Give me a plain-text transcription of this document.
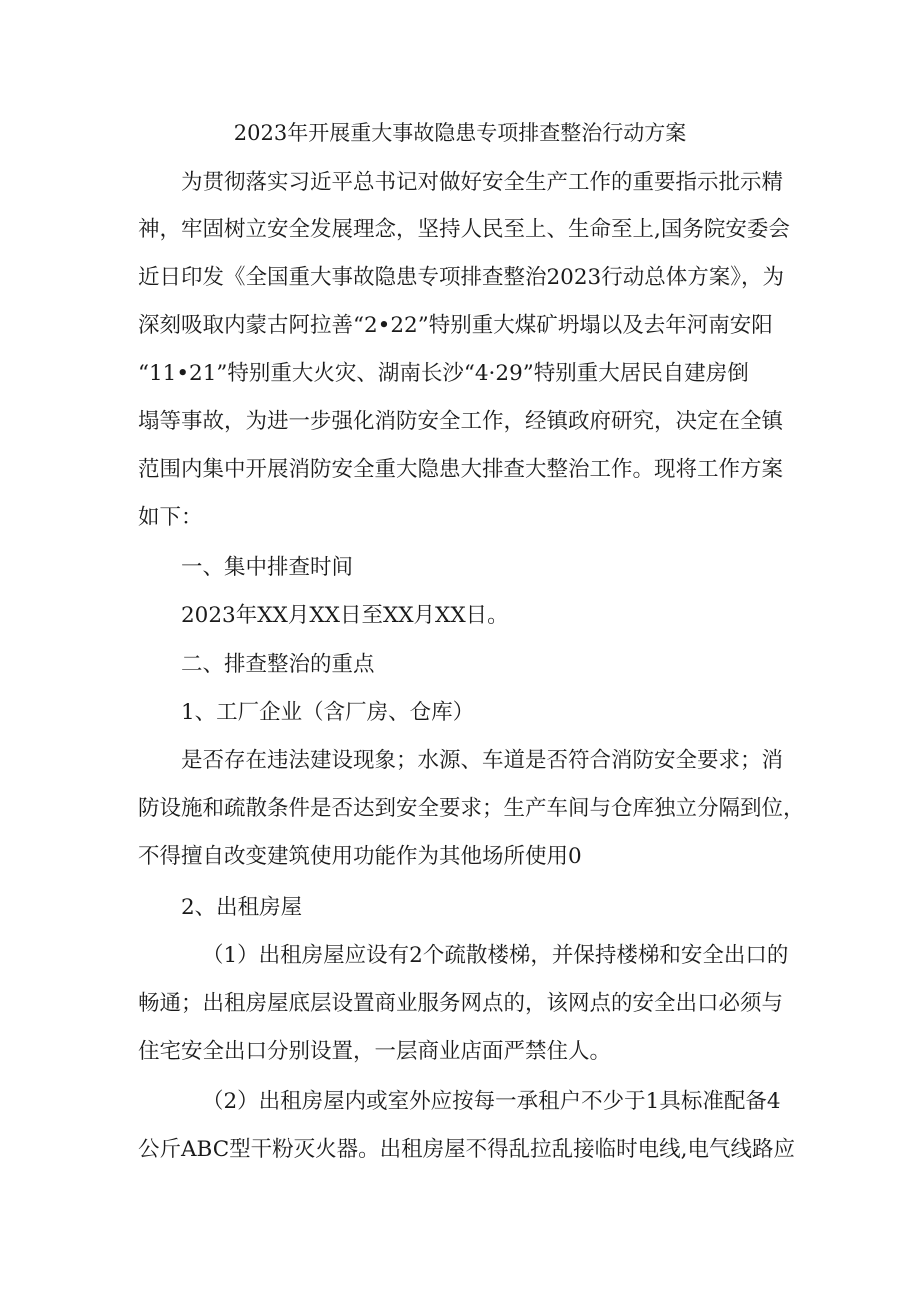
2023年开展重大事故隐患专项排查整治行动方案
为贯彻落实习近平总书记对做好安全生产工作的重要指示批示精
神，牢固树立安全发展理念，坚持人民至上、生命至上,国务院安委会
近日印发《全国重大事故隐患专项排查整治2023行动总体方案》，为
深刻吸取内蒙古阿拉善“2•22”特别重大煤矿坍塌以及去年河南安阳
“11•21”特别重大火灾、湖南长沙“4·29”特别重大居民自建房倒
塌等事故，为进一步强化消防安全工作，经镇政府研究，决定在全镇
范围内集中开展消防安全重大隐患大排查大整治工作。现将工作方案
如下：
一、集中排查时间
2023年XX月XX日至XX月XX日。
二、排查整治的重点
1、工厂企业（含厂房、仓库）
是否存在违法建设现象；水源、车道是否符合消防安全要求；消
防设施和疏散条件是否达到安全要求；生产车间与仓库独立分隔到位，
不得擅自改变建筑使用功能作为其他场所使用0
2、出租房屋
（1）出租房屋应设有2个疏散楼梯，并保持楼梯和安全出口的
畅通；出租房屋底层设置商业服务网点的，该网点的安全出口必须与
住宅安全出口分别设置，一层商业店面严禁住人。
（2）出租房屋内或室外应按每一承租户不少于1具标准配备4
公斤ABC型干粉灭火器。出租房屋不得乱拉乱接临时电线,电气线路应
